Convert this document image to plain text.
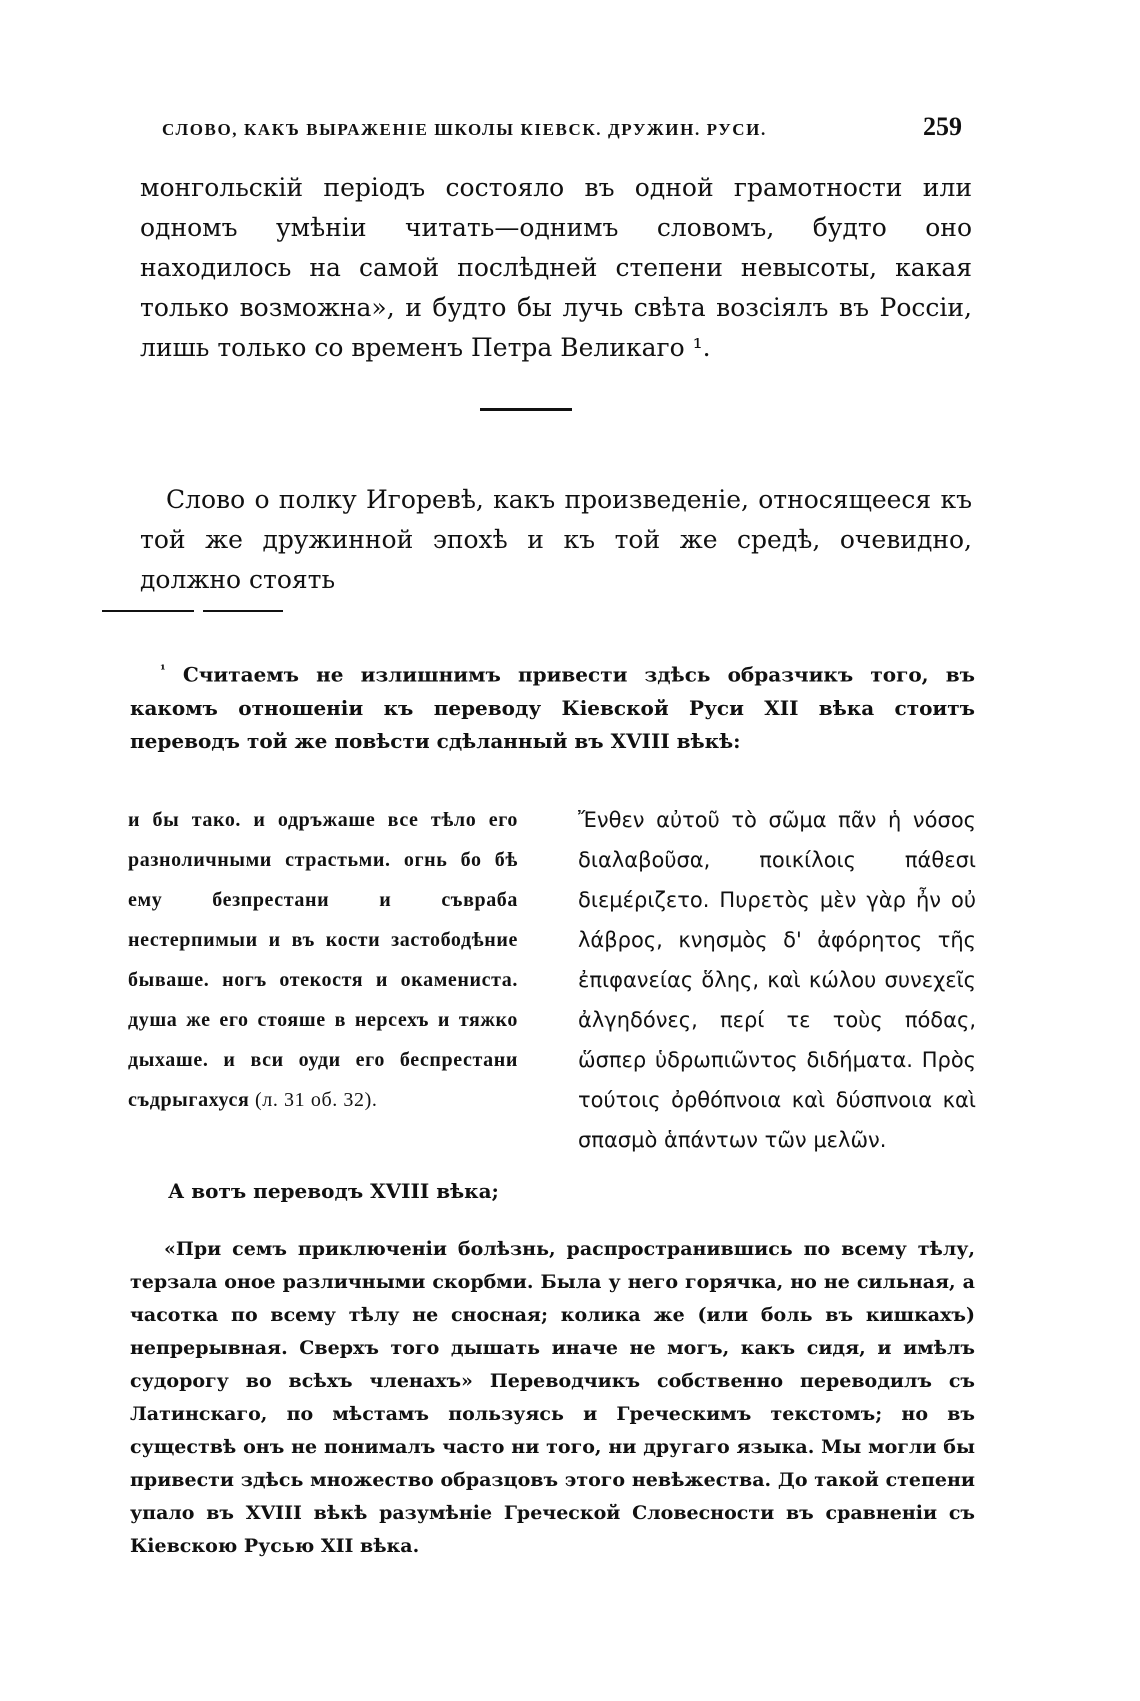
СЛОВО, КАКЪ ВЫРАЖЕНІЕ ШКОЛЫ КІЕВСК. ДРУЖИН. РУСИ.	259

монгольскій періодъ состояло въ одной грамотности или одномъ умѣніи читать—однимъ словомъ, будто оно находилось на самой послѣдней степени невысоты, какая только возможна», и будто бы лучь свѣта возсіялъ въ Россіи, лишь только со временъ Петра Великаго ¹.

Слово о полку Игоревѣ, какъ произведеніе, относящееся къ той же дружинной эпохѣ и къ той же средѣ, очевидно, должно стоять

$^{^1}$ Считаемъ не излишнимъ привести здѣсь образчикъ того, въ какомъ отношеніи къ переводу Кіевской Руси XII вѣка стоитъ переводъ той же повѣсти сдѣланный въ XVIII вѣкѣ:

и бы тако. и одръжаше все тѣло его разноличными страстьми. огнь бо бѣ ему безпрестани и съвраба нестерпимыи и въ кости застободѣние бываше. ногъ отекостя и окамениста. душа же его стояше в нерсехъ и тяжко дыхаше. и вси оуди его беспрестани съдрыгахуся (л. 31 об. 32).

Ἔνθεν αὐτοῦ τὸ σῶμα πᾶν ἡ νόσος διαλαβοῦσα, ποικίλοις πάθεσι διεμέριζετο. Πυρετὸς μὲν γὰρ ἦν οὐ λάβρος, κνησμὸς δ' ἀφόρητος τῆς ἐπιφανείας ὅλης, καὶ κώλου συνεχεῖς ἀλγηδόνες, περί τε τοὺς πόδας, ὥσπερ ὑδρωπιῶντος διδήματα. Πρὸς τούτοις ὀρθόπνοια καὶ δύσπνοια καὶ σπασμὸ ἁπάντων τῶν μελῶν.

А вотъ переводъ XVIII вѣка;

«При семъ приключеніи болѣзнь, распространившись по всему тѣлу, терзала оное различными скорбми. Была у него горячка, но не сильная, а часотка по всему тѣлу не сносная; колика же (или боль въ кишкахъ) непрерывная. Сверхъ того дышать иначе не могъ, какъ сидя, и имѣлъ судорогу во всѣхъ членахъ» Переводчикъ собственно переводилъ съ Латинскаго, по мѣстамъ пользуясь и Греческимъ текстомъ; но въ существѣ онъ не понималъ часто ни того, ни другаго языка. Мы могли бы привести здѣсь множество образцовъ этого невѣжества. До такой степени упало въ XVIII вѣкѣ разумѣніе Греческой Словесности въ сравненіи съ Кіевскою Русью XII вѣка.
